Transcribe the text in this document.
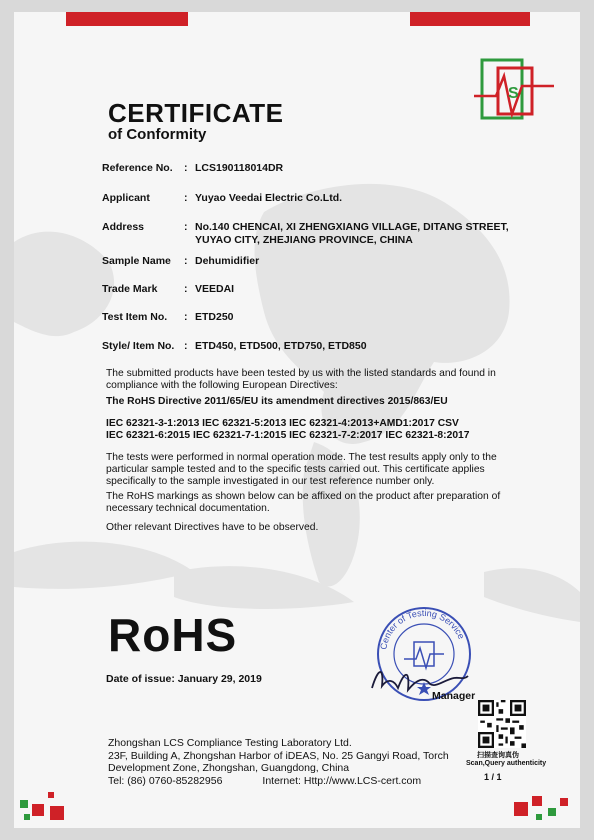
S
CERTIFICATE
of Conformity
Reference No. : LCS190118014DR
Applicant	: Yuyao Veedai Electric Co.Ltd.
Address	: No.140 CHENCAI, XI ZHENGXIANG VILLAGE, DITANG STREET, YUYAO CITY, ZHEJIANG PROVINCE, CHINA
Sample Name : Dehumidifier
Trade Mark	: VEEDAI
Test Item No. : ETD250
Style/ Item No. : ETD450, ETD500, ETD750, ETD850
The submitted products have been tested by us with the listed standards and found in compliance with the following European Directives:
The RoHS Directive 2011/65/EU its amendment directives 2015/863/EU
IEC 62321-3-1:2013 IEC 62321-5:2013 IEC 62321-4:2013+AMD1:2017 CSV
IEC 62321-6:2015 IEC 62321-7-1:2015 IEC 62321-7-2:2017 IEC 62321-8:2017
The tests were performed in normal operation mode. The test results apply only to the particular sample tested and to the specific tests carried out. This certificate applies specifically to the sample investigated in our test reference number only.
The RoHS markings as shown below can be affixed on the product after preparation of necessary technical documentation.
Other relevant Directives have to be observed.
RoHS
Date of issue: January 29, 2019
Center of Testing Service
Manager
扫描查询真伪
Scan,Query authenticity
1 / 1
Zhongshan LCS Compliance Testing Laboratory Ltd.
23F, Building A, Zhongshan Harbor of iDEAS, No. 25 Gangyi Road, Torch
Development Zone, Zhongshan, Guangdong, China
Tel: (86) 0760-85282956	Internet: Http://www.LCS-cert.com
